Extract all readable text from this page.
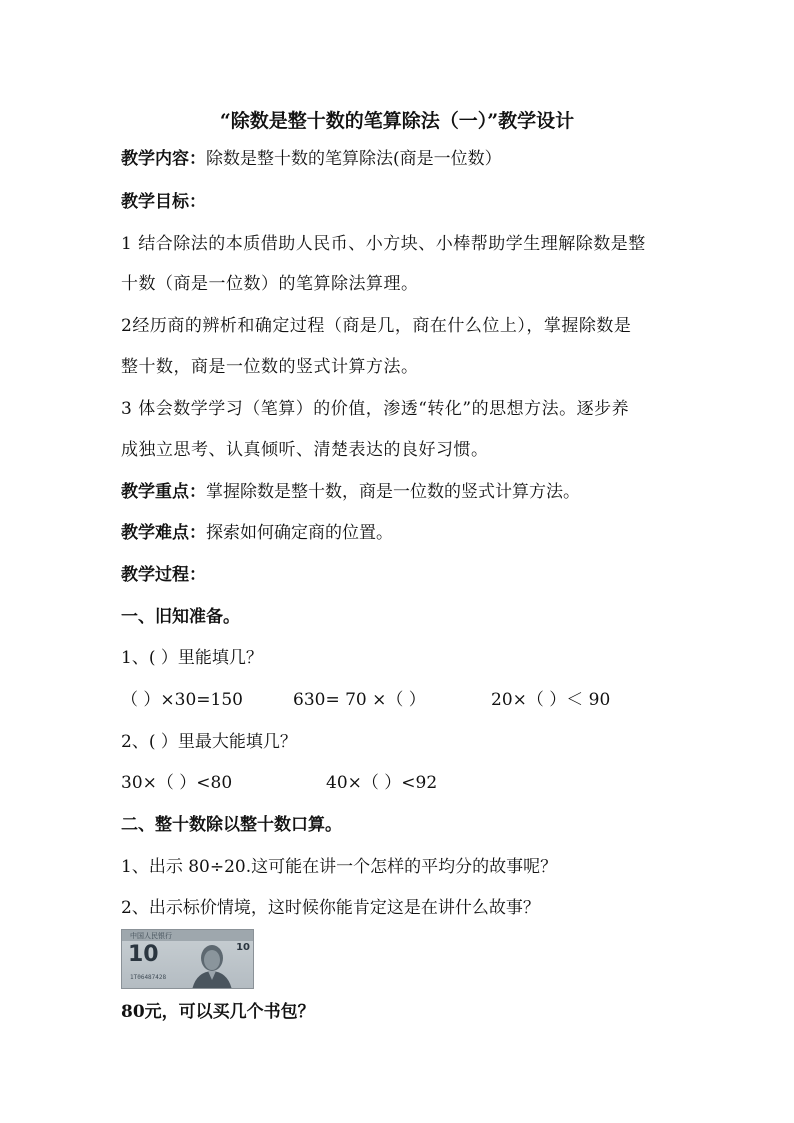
“除数是整十数的笔算除法（一）”教学设计
教学内容：除数是整十数的笔算除法(商是一位数）
教学目标：
1 结合除法的本质借助人民币、小方块、小棒帮助学生理解除数是整
十数（商是一位数）的笔算除法算理。
2经历商的辨析和确定过程（商是几，商在什么位上），掌握除数是
整十数，商是一位数的竖式计算方法。
3 体会数学学习（笔算）的价值，渗透“转化”的思想方法。逐步养
成独立思考、认真倾听、清楚表达的良好习惯。
教学重点：掌握除数是整十数，商是一位数的竖式计算方法。
教学难点：探索如何确定商的位置。
教学过程：
一、旧知准备。
1、( ）里能填几？
（ ）×30=150	630= 70 ×（ ）	20×（ ）＜ 90
2、( ）里最大能填几？
30×（ ）<80	40×（ ）<92
二、整十数除以整十数口算。
1、出示 80÷20.这可能在讲一个怎样的平均分的故事呢？
2、出示标价情境，这时候你能肯定这是在讲什么故事？
中国人民银行
10	10
1T06487428
80元，可以买几个书包？
